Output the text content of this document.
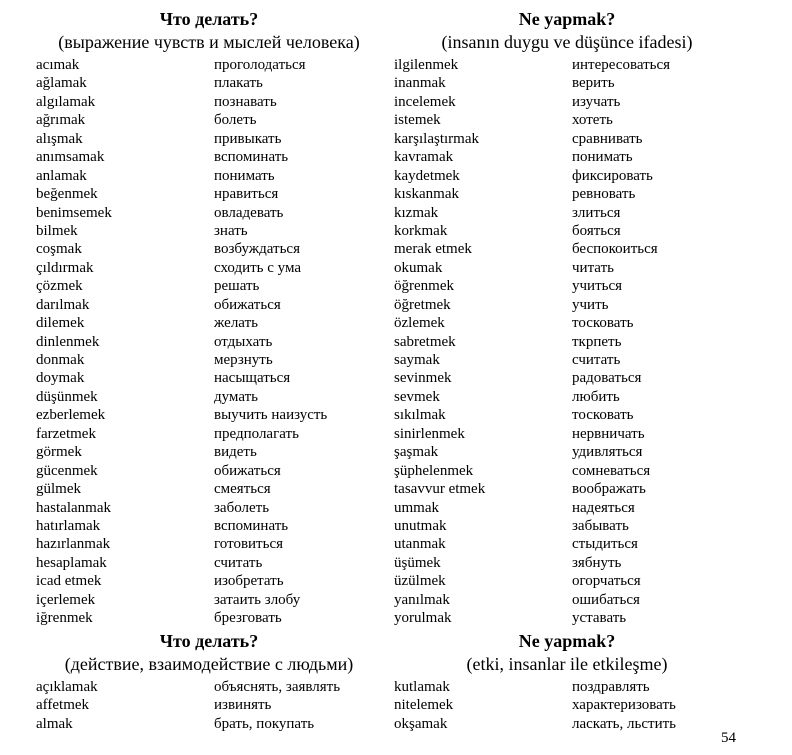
Что делать?
(выражение чувств и мыслей человека)
acımak	проголодаться
ağlamak	плакать
algılamak	познавать
ağrımak	болеть
alışmak	привыкать
anımsamak	вспоминать
anlamak	понимать
beğenmek	нравиться
benimsemek	овладевать
bilmek	знать
coşmak	возбуждаться
çıldırmak	сходить с ума
çözmek	решать
darılmak	обижаться
dilemek	желать
dinlenmek	отдыхать
donmak	мерзнуть
doymak	насыщаться
düşünmek	думать
ezberlemek	выучить наизусть
farzetmek	предполагать
görmek	видеть
gücenmek	обижаться
gülmek	смеяться
hastalanmak	заболеть
hatırlamak	вспоминать
hazırlanmak	готовиться
hesaplamak	считать
icad etmek	изобретать
içerlemek	затаить злобу
iğrenmek	брезговать
Ne yapmak?
(insanın duygu ve düşünce ifadesi)
ilgilenmek	интересоваться
inanmak	верить
incelemek	изучать
istemek	хотеть
karşılaştırmak	сравнивать
kavramak	понимать
kaydetmek	фиксировать
kıskanmak	ревновать
kızmak	злиться
korkmak	бояться
merak etmek	беспокоиться
okumak	читать
öğrenmek	учиться
öğretmek	учить
özlemek	тосковать
sabretmek	ткрпеть
saymak	считать
sevinmek	радоваться
sevmek	любить
sıkılmak	тосковать
sinirlenmek	нервничать
şaşmak	удивляться
şüphelenmek	сомневаться
tasavvur etmek	воображать
ummak	надеяться
unutmak	забывать
utanmak	стыдиться
üşümek	зябнуть
üzülmek	огорчаться
yanılmak	ошибаться
yorulmak	уставать
Что делать?
(действие, взаимодействие с людьми)
açıklamak	объяснять, заявлять
affetmek	извинять
almak	брать, покупать
Ne yapmak?
(etki, insanlar ile etkileşme)
kutlamak	поздравлять
nitelemek	характеризовать
okşamak	ласкать, льстить
54
